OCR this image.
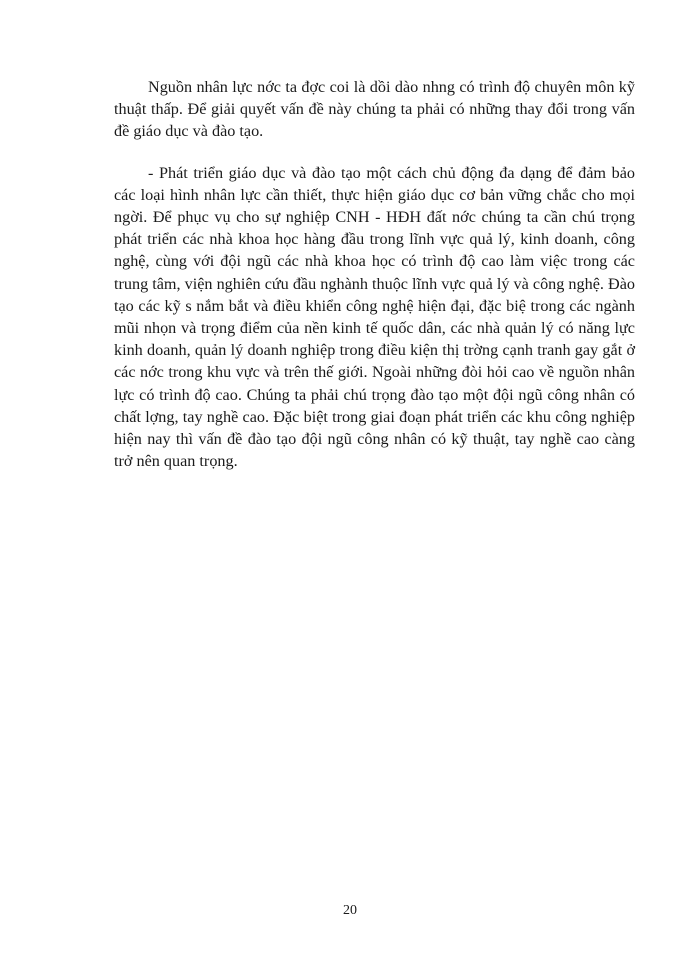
Nguồn nhân lực nớc ta đợc coi là dồi dào nhng có trình độ chuyên môn kỹ thuật thấp. Để giải quyết vấn đề này chúng ta phải có những thay đổi trong vấn đề giáo dục và đào tạo.

- Phát triển giáo dục và đào tạo một cách chủ động đa dạng để đảm bảo các loại hình nhân lực cần thiết, thực hiện giáo dục cơ bản vững chắc cho mọi ngời. Để phục vụ cho sự nghiệp CNH - HĐH đất nớc chúng ta cần chú trọng phát triển các nhà khoa học hàng đầu trong lĩnh vực quả lý, kinh doanh, công nghệ, cùng với đội ngũ các nhà khoa học có trình độ cao làm việc trong các trung tâm, viện nghiên cứu đầu nghành thuộc lĩnh vực quả lý và công nghệ. Đào tạo các kỹ s nắm bắt và điều khiển công nghệ hiện đại, đặc biệ trong các ngành mũi nhọn và trọng điểm của nền kinh tế quốc dân, các nhà quản lý có năng lực kinh doanh, quản lý doanh nghiệp trong điều kiện thị trờng cạnh tranh gay gắt ở các nớc trong khu vực và trên thế giới. Ngoài những đòi hỏi cao về nguồn nhân lực có trình độ cao. Chúng ta phải chú trọng đào tạo một đội ngũ công nhân có chất lợng, tay nghề cao. Đặc biệt trong giai đoạn phát triển các khu công nghiệp hiện nay thì vấn đề đào tạo đội ngũ công nhân có kỹ thuật, tay nghề cao càng trở nên quan trọng.

20
